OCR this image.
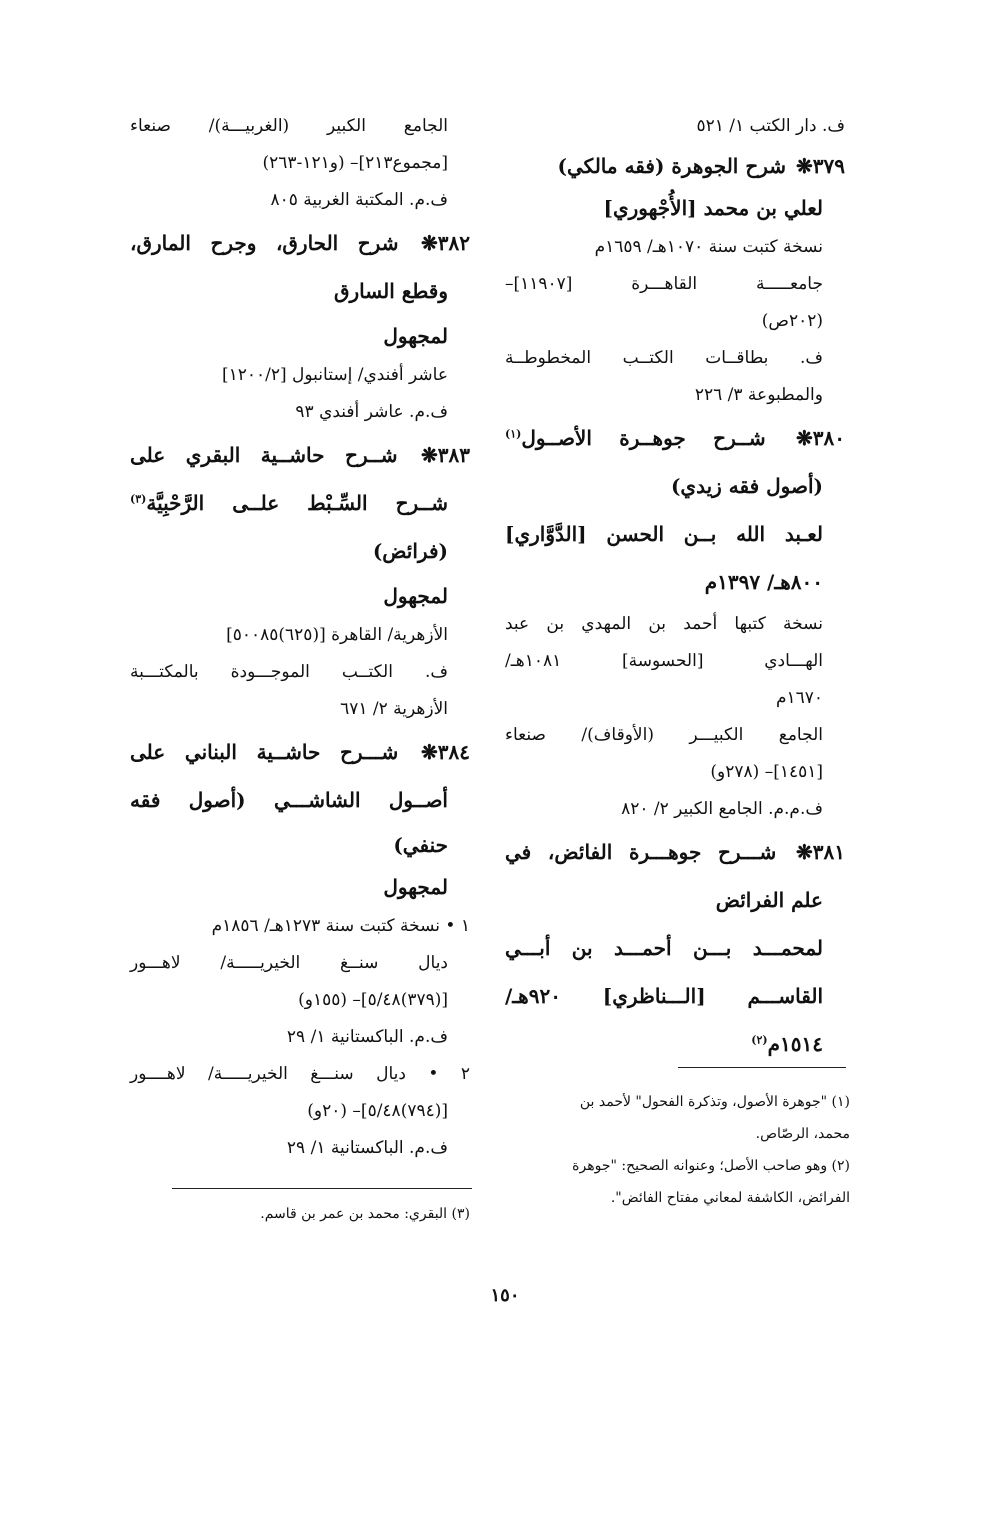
ف. دار الكتب ١/ ٥٢١
٣٧٩❋ شرح الجوهرة (فقه مالكي)
لعلي بن محمد [الأُجْهوري]
نسخة كتبت سنة ١٠٧٠هـ/ ١٦٥٩م
جامعـــــة القاهـــرة [١١٩٠٧]–
(٢٠٢ص)
ف. بطاقــات الكتــب المخطوطــة
والمطبوعة ٣/ ٢٢٦
٣٨٠❋ شــرح جوهــرة الأصــول$^{(١)}$
(أصول فقه زيدي)
لعـبد الله بــن الحسن [الدَّوَّاري]
٨٠٠هـ/ ١٣٩٧م
نسخة كتبها أحمد بن المهدي بن عبد
الهـــادي [الحسوسة] ١٠٨١هـ/
١٦٧٠م
الجامع الكبيـــر (الأوقاف)/ صنعاء
[١٤٥١]– (٢٧٨و)
ف.م.م. الجامع الكبير ٢/ ٨٢٠
٣٨١❋ شـــرح جوهـــرة الفائض، في
علم الفرائض
لمحمـــد بـــن أحمـــد بن أبـــي
القاســـم [الـــناظري] ٩٢٠هـ/
١٥١٤م$^{(٢)}$
الجامع الكبير (الغربيـــة)/ صنعاء
[مجموع٢١٣]– (و١٢١-٢٦٣)
ف.م. المكتبة الغربية ٨٠٥
٣٨٢❋ شرح الحارق، وجرح المارق،
وقطع السارق
لمجهول
عاشر أفندي/ إستانبول [١٢٠٠/٢]
ف.م. عاشر أفندي ٩٣
٣٨٣❋ شــرح حاشــية البقري على
شــرح السِّـبْط علــى الرَّحْبِيَّة$^{(٣)}$
(فرائض)
لمجهول
الأزهرية/ القاهرة [(٦٢٥)٥٠٠٨٥]
ف. الكتــب الموجـــودة بالمكتـــبة
الأزهرية ٢/ ٦٧١
٣٨٤❋ شـــرح حاشــية البناني على
أصــول الشاشـــي (أصول فقه
حنفي)
لمجهول
١ • نسخة كتبت سنة ١٢٧٣هـ/ ١٨٥٦م
ديال سنــغ الخيريـــــة/ لاهـــور
[(٣٧٩)٥/٤٨]– (١٥٥و)
ف.م. الباكستانية ١/ ٢٩
٢ • ديال سنـــغ الخيريـــــة/ لاهــــور
[(٧٩٤)٥/٤٨]– (٢٠و)
ف.م. الباكستانية ١/ ٢٩
(١) "جوهرة الأصول، وتذكرة الفحول" لأحمد بن
محمد، الرصّاص.
(٢) وهو صاحب الأصل؛ وعنوانه الصحيح: "جوهرة
الفرائض، الكاشفة لمعاني مفتاح الفائض".
(٣) البقري: محمد بن عمر بن قاسم.
١٥٠
